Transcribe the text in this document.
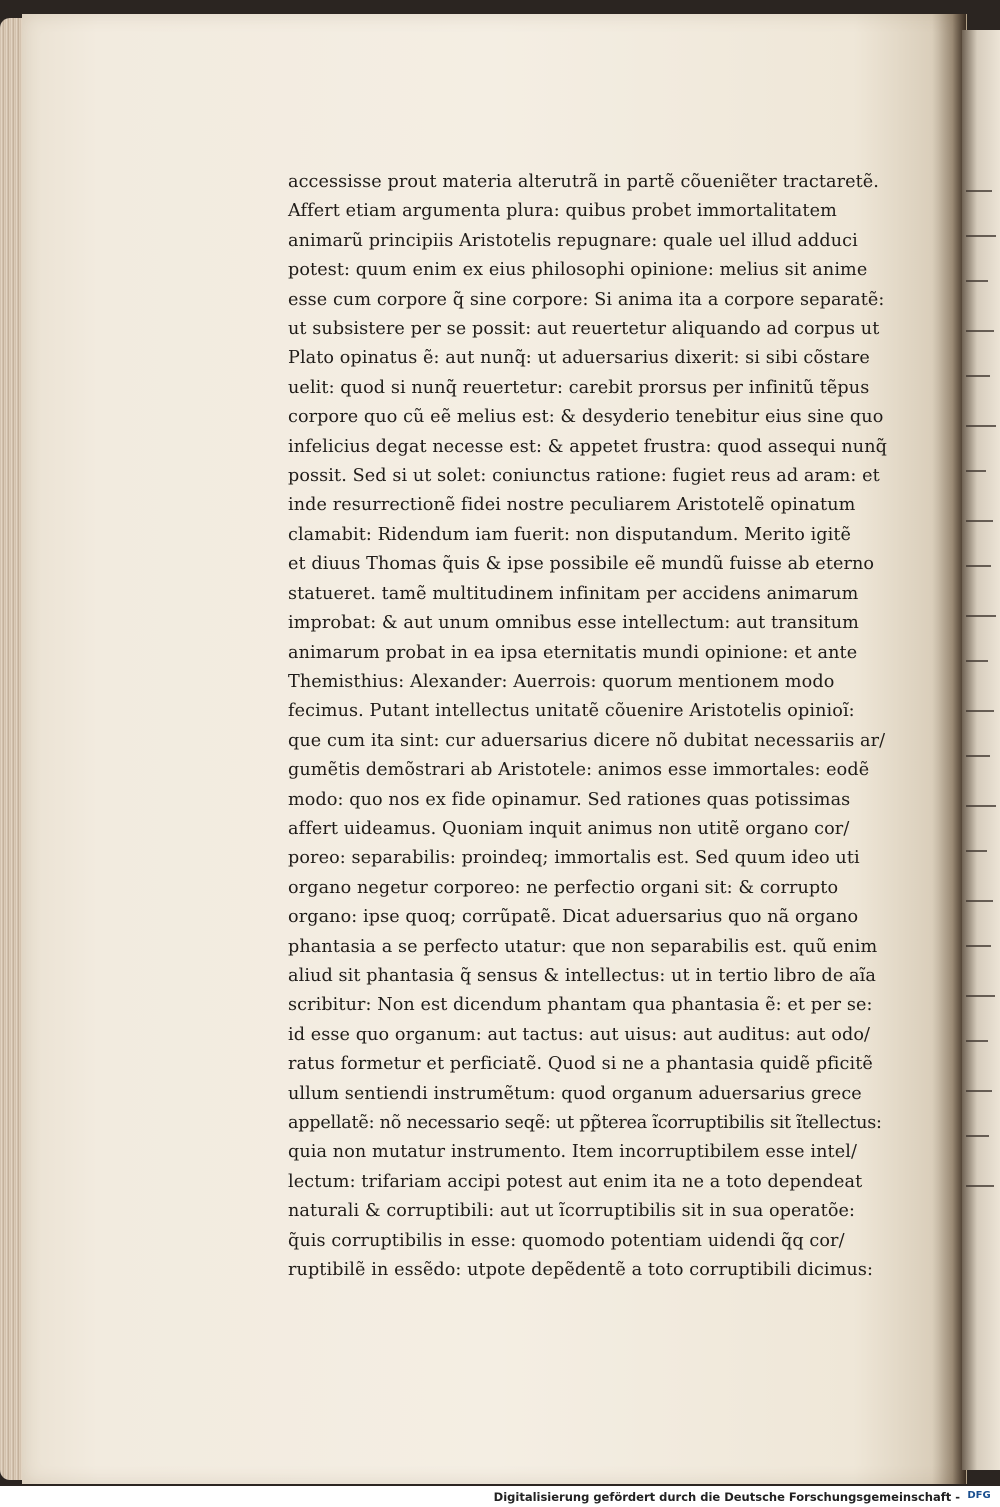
accessisse prout materia alterutrã in partẽ cõueniẽter tractaretẽ.
Affert etiam argumenta plura: quibus probet immortalitatem
animarũ principiis Aristotelis repugnare: quale uel illud adduci
potest: quum enim ex eius philosophi opinione: melius sit anime
esse cum corpore q̃ sine corpore: Si anima ita a corpore separatẽ:
ut subsistere per se possit: aut reuertetur aliquando ad corpus ut
Plato opinatus ẽ: aut nunq̃: ut aduersarius dixerit: si sibi cõstare
uelit: quod si nunq̃ reuertetur: carebit prorsus per infinitũ tẽpus
corpore quo cũ eẽ melius est: & desyderio tenebitur eius sine quo
infelicius degat necesse est: & appetet frustra: quod assequi nunq̃
possit. Sed si ut solet: coniunctus ratione: fugiet reus ad aram: et
inde resurrectionẽ fidei nostre peculiarem Aristotelẽ opinatum
clamabit: Ridendum iam fuerit: non disputandum. Merito igitẽ
et diuus Thomas q̃uis & ipse possibile eẽ mundũ fuisse ab eterno
statueret. tamẽ multitudinem infinitam per accidens animarum
improbat: & aut unum omnibus esse intellectum: aut transitum
animarum probat in ea ipsa eternitatis mundi opinione: et ante
Themisthius: Alexander: Auerrois: quorum mentionem modo
fecimus. Putant intellectus unitatẽ cõuenire Aristotelis opinioĩ:
que cum ita sint: cur aduersarius dicere nõ dubitat necessariis ar/
gumẽtis demõstrari ab Aristotele: animos esse immortales: eodẽ
modo: quo nos ex fide opinamur. Sed rationes quas potissimas
affert uideamus. Quoniam inquit animus non utitẽ organo cor/
poreo: separabilis: proindeq; immortalis est. Sed quum ideo uti
organo negetur corporeo: ne perfectio organi sit: & corrupto
organo: ipse quoq; corrũpatẽ. Dicat aduersarius quo nã organo
phantasia a se perfecto utatur: que non separabilis est. quũ enim
aliud sit phantasia q̃ sensus & intellectus: ut in tertio libro de aĩa
scribitur: Non est dicendum phantam qua phantasia ẽ: et per se:
id esse quo organum: aut tactus: aut uisus: aut auditus: aut odo/
ratus formetur et perficiatẽ. Quod si ne a phantasia quidẽ pficitẽ
ullum sentiendi instrumẽtum: quod organum aduersarius grece
appellatẽ: nõ necessario seqẽ: ut pp̃terea ĩcorruptibilis sit ĩtellectus:
quia non mutatur instrumento. Item incorruptibilem esse intel/
lectum: trifariam accipi potest aut enim ita ne a toto dependeat
naturali & corruptibili: aut ut ĩcorruptibilis sit in sua operatõe:
q̃uis corruptibilis in esse: quomodo potentiam uidendi q̃q cor/
ruptibilẽ in essẽdo: utpote depẽdentẽ a toto corruptibili dicimus:
Digitalisierung gefördert durch die Deutsche Forschungsgemeinschaft - DFG
